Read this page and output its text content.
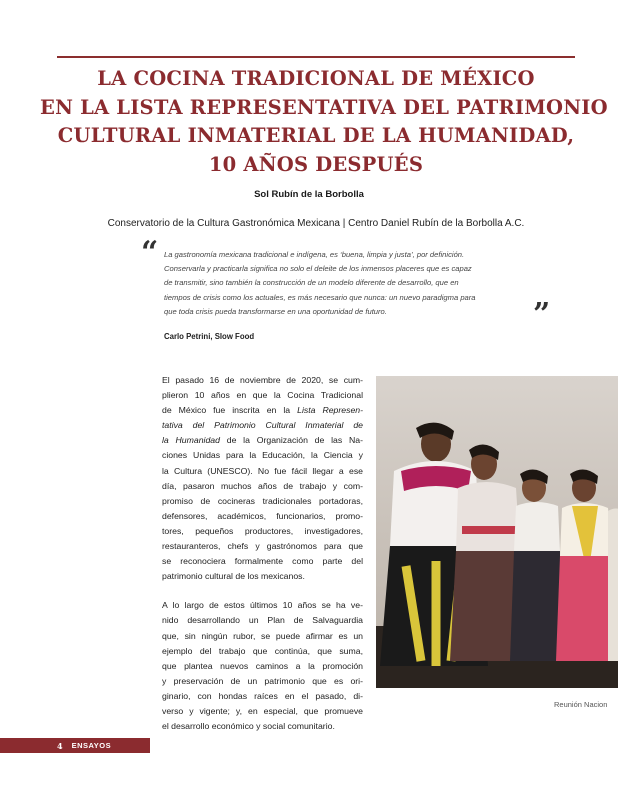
LA COCINA TRADICIONAL DE MÉXICO
EN LA LISTA REPRESENTATIVA DEL PATRIMONIO
CULTURAL INMATERIAL DE LA HUMANIDAD,
10 AÑOS DESPUÉS
Sol Rubín de la Borbolla
Conservatorio de la Cultura Gastronómica Mexicana | Centro Daniel Rubín de la Borbolla A.C.
“ La gastronomía mexicana tradicional e indígena, es ‘buena, limpia y justa’, por definición.
Conservarla y practicarla significa no solo el deleite de los inmensos placeres que es capaz
de transmitir, sino también la construcción de un modelo diferente de desarrollo, que en
tiempos de crisis como los actuales, es más necesario que nunca: un nuevo paradigma para
que toda crisis pueda transformarse en una oportunidad de futuro.	”
Carlo Petrini, Slow Food

El pasado 16 de noviembre de 2020, se cum-
plieron 10 años en que la Cocina Tradicional
de México fue inscrita en la Lista Represen-
tativa del Patrimonio Cultural Inmaterial de
la Humanidad de la Organización de las Na-
ciones Unidas para la Educación, la Ciencia y
la Cultura (UNESCO). No fue fácil llegar a ese
día, pasaron muchos años de trabajo y com-
promiso de cocineras tradicionales portadoras,
defensores, académicos, funcionarios, promo-
tores, pequeños productores, investigadores,
restauranteros, chefs y gastrónomos para que
se reconociera formalmente como parte del
patrimonio cultural de los mexicanos.

A lo largo de estos últimos 10 años se ha ve-
nido desarrollando un Plan de Salvaguardia
que, sin ningún rubor, se puede afirmar es un
ejemplo del trabajo que continúa, que suma,
que plantea nuevos caminos a la promoción
y preservación de un patrimonio que es ori-
ginario, con hondas raíces en el pasado, di-
verso y vigente; y, en especial, que promueve
el desarrollo económico y social comunitario.

Reunión Nacion
4 ENSAYOS
